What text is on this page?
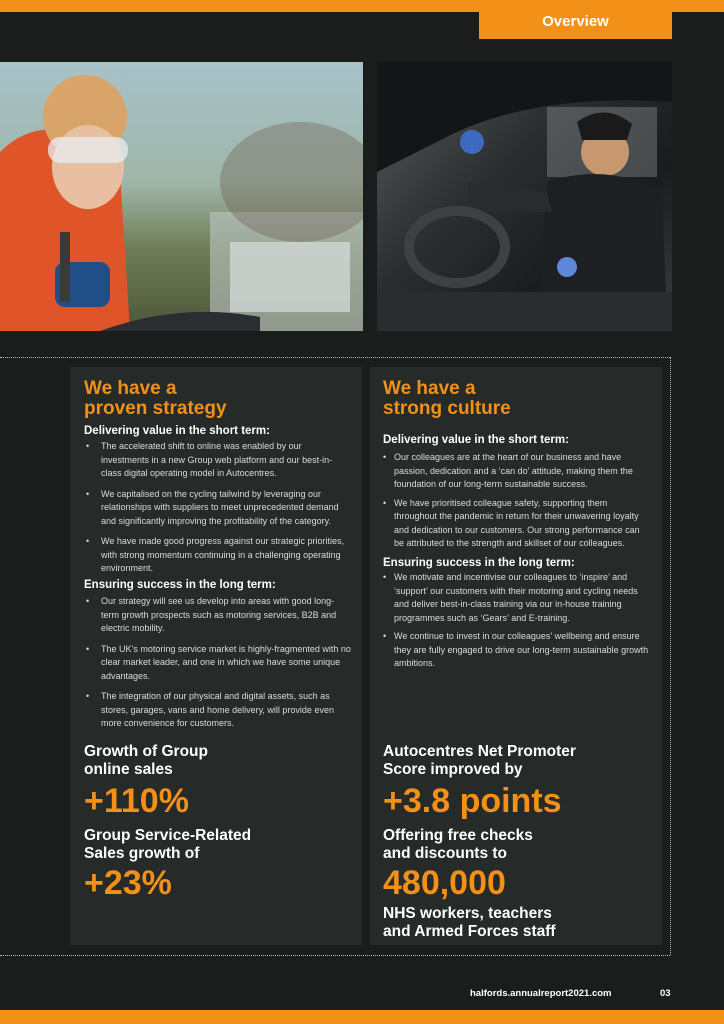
Overview
We have a
proven strategy

Delivering value in the short term:

• The accelerated shift to online was enabled by our investments in a new Group web platform and our best-in-class digital operating model in Autocentres.
• We capitalised on the cycling tailwind by leveraging our relationships with suppliers to meet unprecedented demand and significantly improving the profitability of the category.
• We have made good progress against our strategic priorities, with strong momentum continuing in a challenging operating environment.

Ensuring success in the long term:

• Our strategy will see us develop into areas with good long-term growth prospects such as motoring services, B2B and electric mobility.
• The UK’s motoring service market is highly-fragmented with no clear market leader, and one in which we have some unique advantages.
• The integration of our physical and digital assets, such as stores, garages, vans and home delivery, will provide even more convenience for customers.

Growth of Group
online sales

+110%

Group Service-Related
Sales growth of

+23%

We have a
strong culture

Delivering value in the short term:

• Our colleagues are at the heart of our business and have passion, dedication and a ‘can do’ attitude, making them the foundation of our long-term sustainable success.
• We have prioritised colleague safety, supporting them throughout the pandemic in return for their unwavering loyalty and dedication to our customers. Our strong performance can be attributed to the strength and skillset of our colleagues.

Ensuring success in the long term:

• We motivate and incentivise our colleagues to ‘inspire’ and ‘support’ our customers with their motoring and cycling needs and deliver best-in-class training via our in-house training programmes such as ‘Gears’ and E-training.
• We continue to invest in our colleagues’ wellbeing and ensure they are fully engaged to drive our long-term sustainable growth ambitions.

Autocentres Net Promoter
Score improved by

+3.8 points

Offering free checks
and discounts to

480,000

NHS workers, teachers
and Armed Forces staff

halfords.annualreport2021.com	03
